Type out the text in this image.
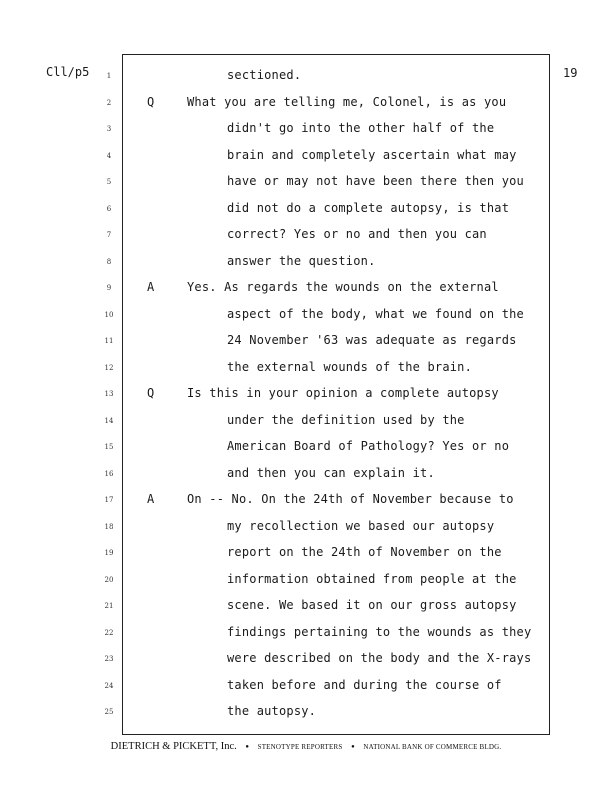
Cll∕p5	19
1	sectioned.
2	Q	What you are telling me, Colonel, is as you
3	didn't go into the other half of the
4	brain and completely ascertain what may
5	have or may not have been there then you
6	did not do a complete autopsy, is that
7	correct? Yes or no and then you can
8	answer the question.
9	A	Yes. As regards the wounds on the external
10	aspect of the body, what we found on the
11	24 November '63 was adequate as regards
12	the external wounds of the brain.
13	Q	Is this in your opinion a complete autopsy
14	under the definition used by the
15	American Board of Pathology? Yes or no
16	and then you can explain it.
17	A	On -- No. On the 24th of November because to
18	my recollection we based our autopsy
19	report on the 24th of November on the
20	information obtained from people at the
21	scene. We based it on our gross autopsy
22	findings pertaining to the wounds as they
23	were described on the body and the X-rays
24	taken before and during the course of
25	the autopsy.
DIETRICH & PICKETT, Inc. ● STENOTYPE REPORTERS ● NATIONAL BANK OF COMMERCE BLDG.
